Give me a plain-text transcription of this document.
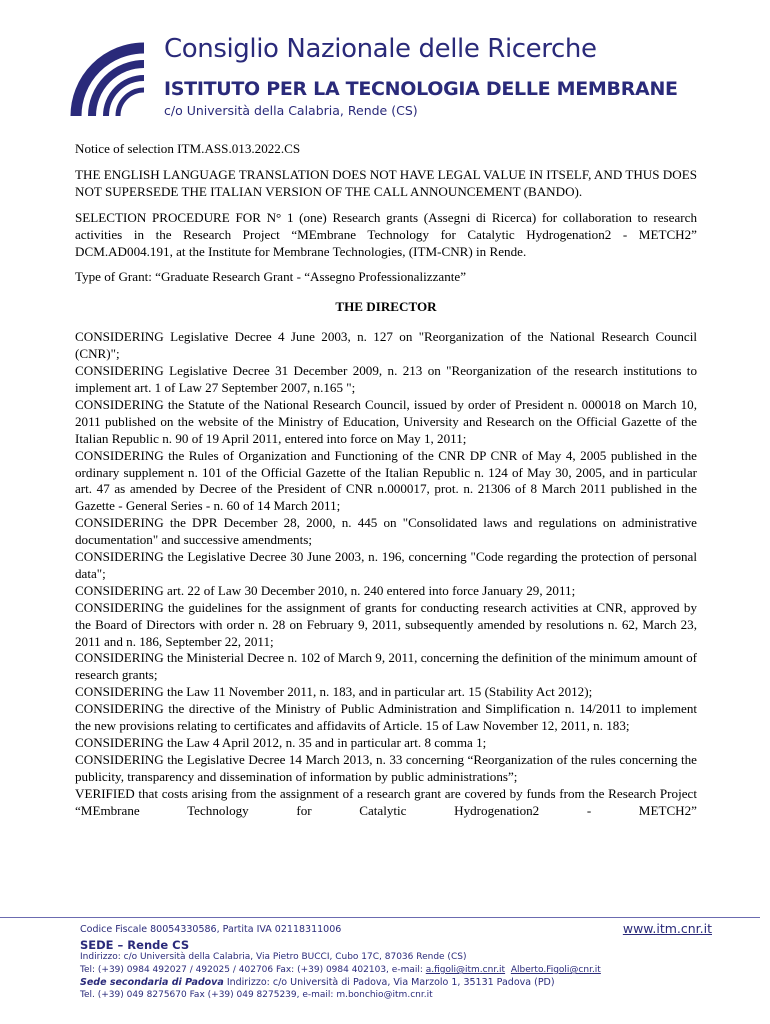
Consiglio Nazionale delle Ricerche
ISTITUTO PER LA TECNOLOGIA DELLE MEMBRANE
c/o Università della Calabria, Rende (CS)

Notice of selection ITM.ASS.013.2022.CS

THE ENGLISH LANGUAGE TRANSLATION DOES NOT HAVE LEGAL VALUE IN ITSELF, AND THUS DOES NOT SUPERSEDE THE ITALIAN VERSION OF THE CALL ANNOUNCEMENT (BANDO).

SELECTION PROCEDURE FOR N° 1 (one) Research grants (Assegni di Ricerca) for collaboration to research activities in the Research Project “MEmbrane Technology for Catalytic Hydrogenation2 - METCH2” DCM.AD004.191, at the Institute for Membrane Technologies, (ITM-CNR) in Rende.

Type of Grant: “Graduate Research Grant - “Assegno Professionalizzante”

THE DIRECTOR

CONSIDERING Legislative Decree 4 June 2003, n. 127 on "Reorganization of the National Research Council (CNR)";

CONSIDERING Legislative Decree 31 December 2009, n. 213 on "Reorganization of the research institutions to implement art. 1 of Law 27 September 2007, n.165 ";

CONSIDERING the Statute of the National Research Council, issued by order of President n. 000018 on March 10, 2011 published on the website of the Ministry of Education, University and Research on the Official Gazette of the Italian Republic n. 90 of 19 April 2011, entered into force on May 1, 2011;

CONSIDERING the Rules of Organization and Functioning of the CNR DP CNR of May 4, 2005 published in the ordinary supplement n. 101 of the Official Gazette of the Italian Republic n. 124 of May 30, 2005, and in particular art. 47 as amended by Decree of the President of CNR n.000017, prot. n. 21306 of 8 March 2011 published in the Gazette - General Series - n. 60 of 14 March 2011;

CONSIDERING the DPR December 28, 2000, n. 445 on "Consolidated laws and regulations on administrative documentation" and successive amendments;

CONSIDERING the Legislative Decree 30 June 2003, n. 196, concerning "Code regarding the protection of personal data";

CONSIDERING art. 22 of Law 30 December 2010, n. 240 entered into force January 29, 2011;

CONSIDERING the guidelines for the assignment of grants for conducting research activities at CNR, approved by the Board of Directors with order n. 28 on February 9, 2011, subsequently amended by resolutions n. 62, March 23, 2011 and n. 186, September 22, 2011;

CONSIDERING the Ministerial Decree n. 102 of March 9, 2011, concerning the definition of the minimum amount of research grants;

CONSIDERING the Law 11 November 2011, n. 183, and in particular art. 15 (Stability Act 2012);

CONSIDERING the directive of the Ministry of Public Administration and Simplification n. 14/2011 to implement the new provisions relating to certificates and affidavits of Article. 15 of Law November 12, 2011, n. 183;

CONSIDERING the Law 4 April 2012, n. 35 and in particular art. 8 comma 1;

CONSIDERING the Legislative Decree 14 March 2013, n. 33 concerning “Reorganization of the rules concerning the publicity, transparency and dissemination of information by public administrations”;

VERIFIED that costs arising from the assignment of a research grant are covered by funds from the Research Project “MEmbrane Technology for Catalytic Hydrogenation2 - METCH2”

Codice Fiscale 80054330586, Partita IVA 02118311006	www.itm.cnr.it
SEDE – Rende CS
Indirizzo: c/o Università della Calabria, Via Pietro BUCCI, Cubo 17C, 87036 Rende (CS)
Tel: (+39) 0984 492027 / 492025 / 402706 Fax: (+39) 0984 402103, e-mail: a.figoli@itm.cnr.it Alberto.Figoli@cnr.it
Sede secondaria di Padova Indirizzo: c/o Università di Padova, Via Marzolo 1, 35131 Padova (PD)
Tel. (+39) 049 8275670 Fax (+39) 049 8275239, e-mail: m.bonchio@itm.cnr.it
